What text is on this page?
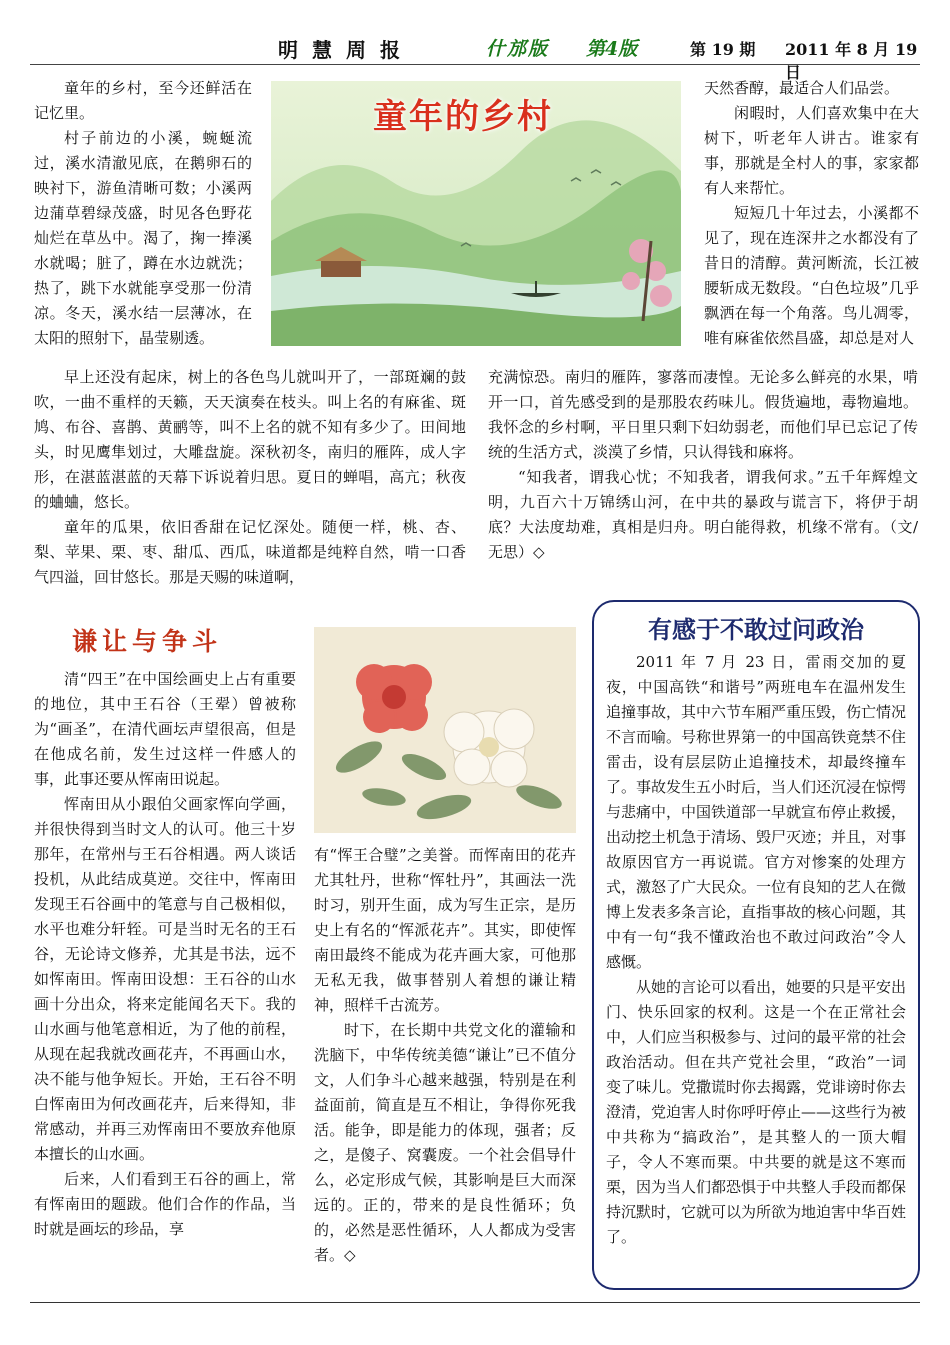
明慧周报	什邡版 第4版	第 19 期 2011 年 8 月 19 日

童年的乡村，至今还鲜活在记忆里。

村子前边的小溪，蜿蜒流过，溪水清澈见底，在鹅卵石的映衬下，游鱼清晰可数；小溪两边蒲草碧绿茂盛，时见各色野花灿烂在草丛中。渴了，掬一捧溪水就喝；脏了，蹲在水边就洗；热了，跳下水就能享受那一份清凉。冬天，溪水结一层薄冰，在太阳的照射下，晶莹剔透。

童年的乡村

天然香醇，最适合人们品尝。

闲暇时，人们喜欢集中在大树下，听老年人讲古。谁家有事，那就是全村人的事，家家都有人来帮忙。

短短几十年过去，小溪都不见了，现在连深井之水都没有了昔日的清醇。黄河断流，长江被腰斩成无数段。“白色垃圾”几乎飘洒在每一个角落。鸟儿凋零，唯有麻雀依然昌盛，却总是对人

早上还没有起床，树上的各色鸟儿就叫开了，一部斑斓的鼓吹，一曲不重样的天籁，天天演奏在枝头。叫上名的有麻雀、斑鸠、布谷、喜鹊、黄鹂等，叫不上名的就不知有多少了。田间地头，时见鹰隼划过，大雕盘旋。深秋初冬，南归的雁阵，成人字形，在湛蓝湛蓝的天幕下诉说着归思。夏日的蝉唱，高亢；秋夜的蛐蛐，悠长。

童年的瓜果，依旧香甜在记忆深处。随便一样，桃、杏、梨、苹果、栗、枣、甜瓜、西瓜，味道都是纯粹自然，啃一口香气四溢，回甘悠长。那是天赐的味道啊，

充满惊恐。南归的雁阵，寥落而凄惶。无论多么鲜亮的水果，啃开一口，首先感受到的是那股农药味儿。假货遍地，毒物遍地。我怀念的乡村啊，平日里只剩下妇幼弱老，而他们早已忘记了传统的生活方式，淡漠了乡情，只认得钱和麻将。

“知我者，谓我心忧；不知我者，谓我何求。”五千年辉煌文明，九百六十万锦绣山河，在中共的暴政与谎言下，将伊于胡底？大法度劫难，真相是归舟。明白能得救，机缘不常有。（文/无思）◇

谦让与争斗

清“四王”在中国绘画史上占有重要的地位，其中王石谷（王翚）曾被称为“画圣”，在清代画坛声望很高，但是在他成名前，发生过这样一件感人的事，此事还要从恽南田说起。

恽南田从小跟伯父画家恽向学画，并很快得到当时文人的认可。他三十岁那年，在常州与王石谷相遇。两人谈话投机，从此结成莫逆。交往中，恽南田发现王石谷画中的笔意与自己极相似，水平也难分轩轾。可是当时无名的王石谷，无论诗文修养，尤其是书法，远不如恽南田。恽南田设想：王石谷的山水画十分出众，将来定能闻名天下。我的山水画与他笔意相近，为了他的前程，从现在起我就改画花卉，不再画山水，决不能与他争短长。开始，王石谷不明白恽南田为何改画花卉，后来得知，非常感动，并再三劝恽南田不要放弃他原本擅长的山水画。

后来，人们看到王石谷的画上，常有恽南田的题跋。他们合作的作品，当时就是画坛的珍品，享

有“恽王合璧”之美誉。而恽南田的花卉尤其牡丹，世称“恽牡丹”，其画法一洗时习，别开生面，成为写生正宗，是历史上有名的“恽派花卉”。其实，即使恽南田最终不能成为花卉画大家，可他那无私无我，做事替别人着想的谦让精神，照样千古流芳。

时下，在长期中共党文化的灌输和洗脑下，中华传统美德“谦让”已不值分文，人们争斗心越来越强，特别是在利益面前，简直是互不相让，争得你死我活。能争，即是能力的体现，强者；反之，是傻子、窝囊废。一个社会倡导什么，必定形成气候，其影响是巨大而深远的。正的，带来的是良性循环；负的，必然是恶性循环，人人都成为受害者。◇

有感于不敢过问政治

2011 年 7 月 23 日，雷雨交加的夏夜，中国高铁“和谐号”两班电车在温州发生追撞事故，其中六节车厢严重压毁，伤亡情况不言而喻。号称世界第一的中国高铁竟禁不住雷击，设有层层防止追撞技术，却最终撞车了。事故发生五小时后，当人们还沉浸在惊愕与悲痛中，中国铁道部一早就宣布停止救援，出动挖土机急于清场、毁尸灭迹；并且，对事故原因官方一再说谎。官方对惨案的处理方式，激怒了广大民众。一位有良知的艺人在微博上发表多条言论，直指事故的核心问题，其中有一句“我不懂政治也不敢过问政治”令人感慨。

从她的言论可以看出，她要的只是平安出门、快乐回家的权利。这是一个在正常社会中，人们应当积极参与、过问的最平常的社会政治活动。但在共产党社会里，“政治”一词变了味儿。党撒谎时你去揭露，党诽谤时你去澄清，党迫害人时你呼吁停止——这些行为被中共称为“搞政治”，是其整人的一顶大帽子，令人不寒而栗。中共要的就是这不寒而栗，因为当人们都恐惧于中共整人手段而都保持沉默时，它就可以为所欲为地迫害中华百姓了。
